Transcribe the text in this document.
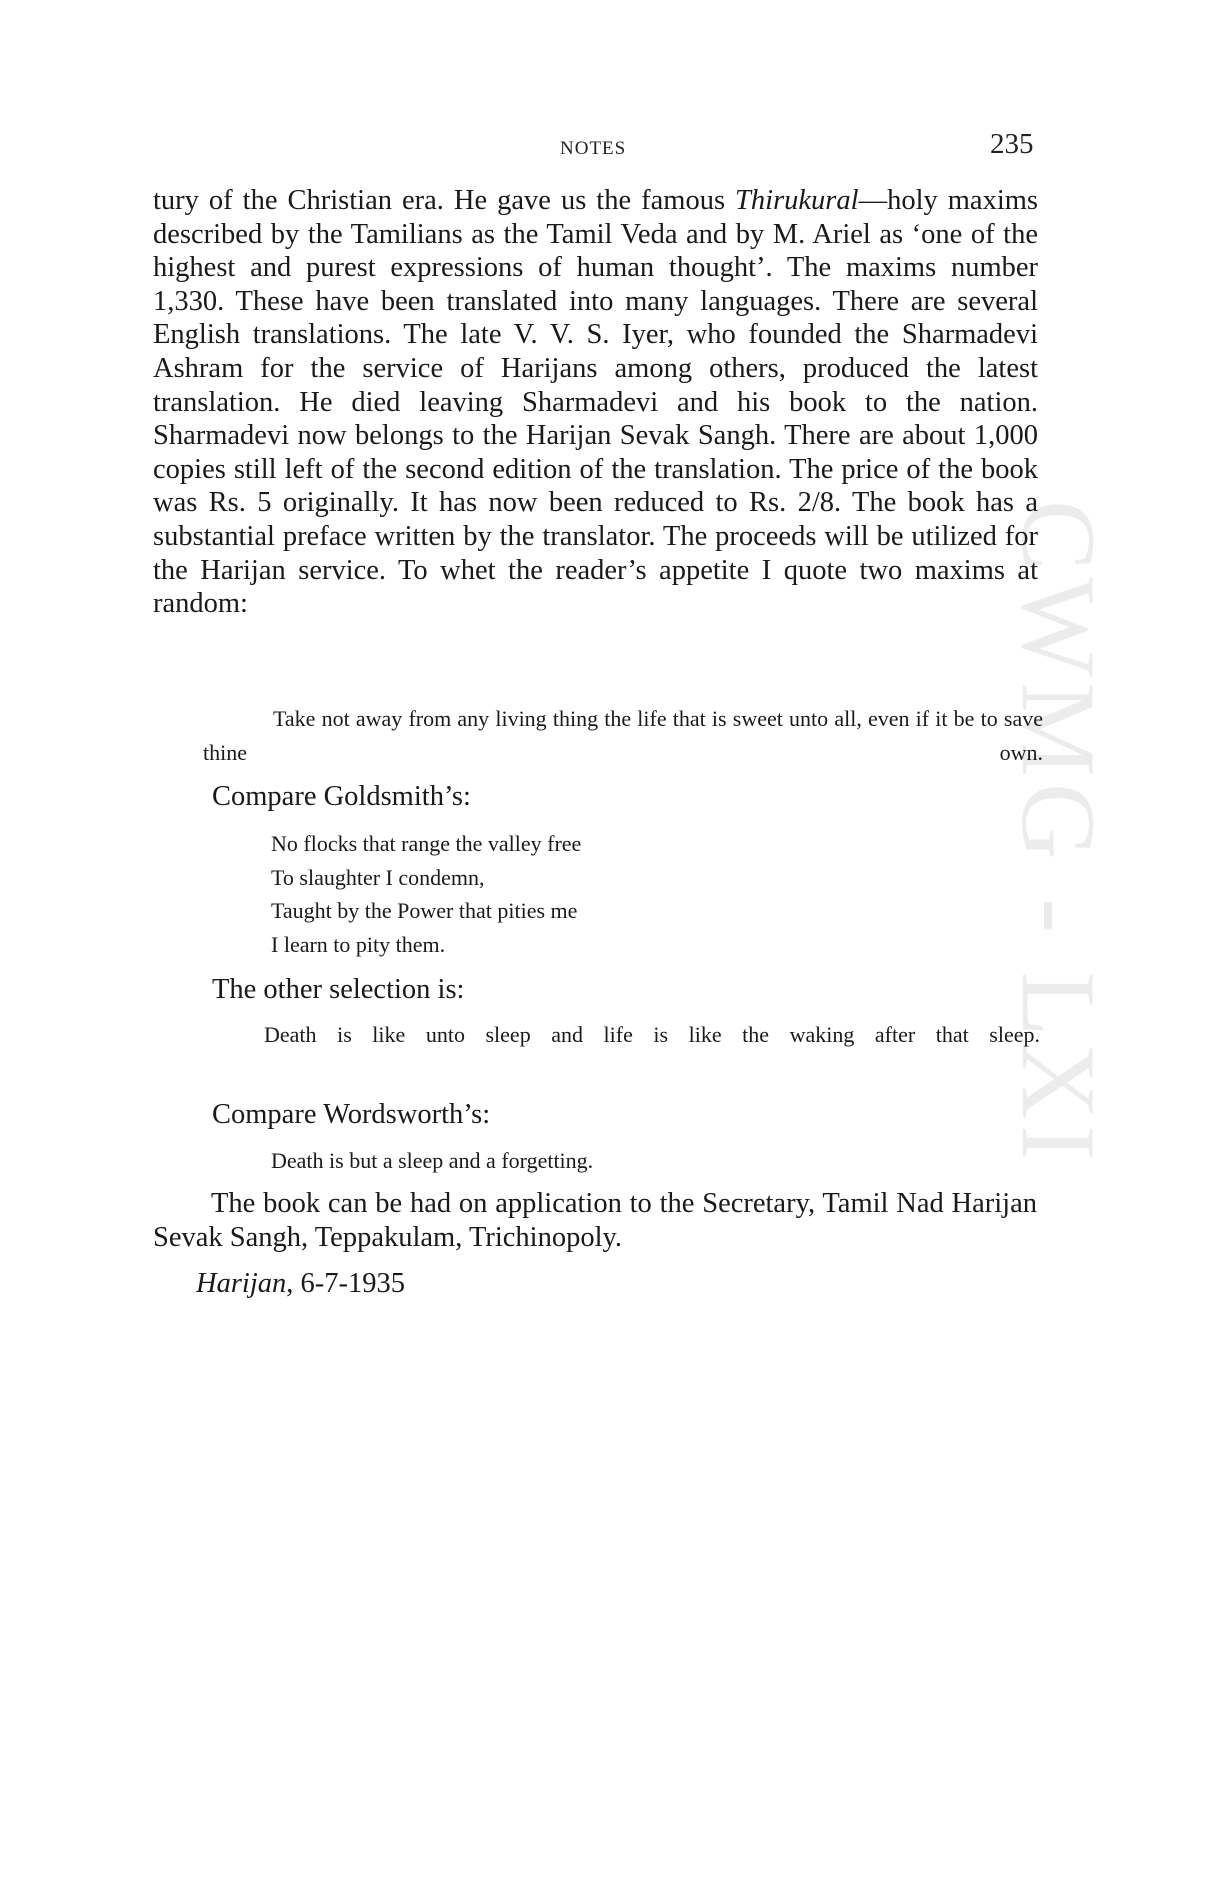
CWMG - LXI
NOTES	235
tury of the Christian era. He gave us the famous Thirukural—holy maxims described by the Tamilians as the Tamil Veda and by M. Ariel as ‘one of the highest and purest expressions of human thought’. The maxims number 1,330. These have been translated into many languages. There are several English translations. The late V. V. S. Iyer, who founded the Sharmadevi Ashram for the service of Harijans among others, produced the latest translation. He died leaving Sharmadevi and his book to the nation. Sharmadevi now belongs to the Harijan Sevak Sangh. There are about 1,000 copies still left of the second edition of the translation. The price of the book was Rs. 5 originally. It has now been reduced to Rs. 2/8. The book has a substantial preface written by the translator. The proceeds will be utilized for the Harijan service. To whet the reader’s appetite I quote two maxims at random:
Take not away from any living thing the life that is sweet unto all, even if it be to save thine own.
Compare Goldsmith’s:
No flocks that range the valley free
To slaughter I condemn,
Taught by the Power that pities me
I learn to pity them.
The other selection is:
Death is like unto sleep and life is like the waking after that sleep.
Compare Wordsworth’s:
Death is but a sleep and a forgetting.
The book can be had on application to the Secretary, Tamil Nad Harijan Sevak Sangh, Teppakulam, Trichinopoly.
Harijan, 6-7-1935
